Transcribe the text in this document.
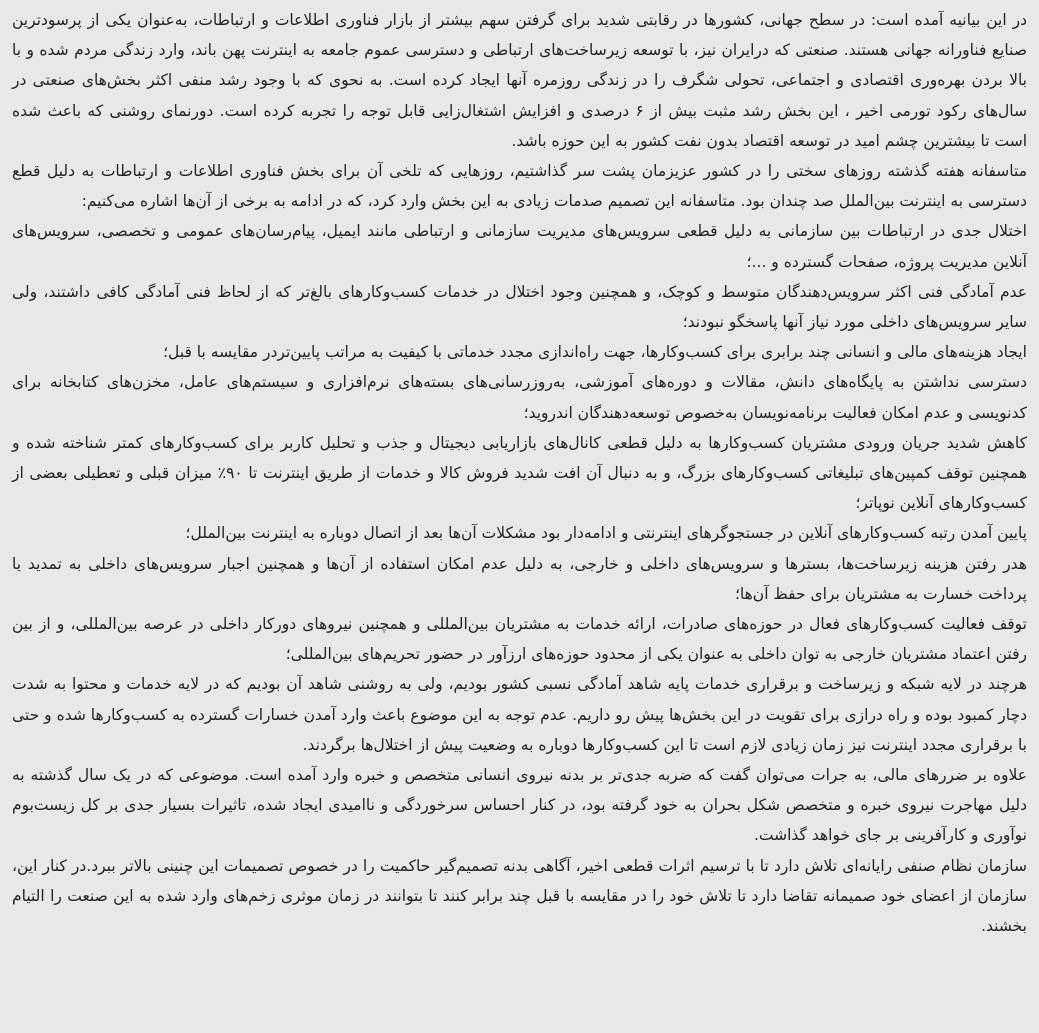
در این بیانیه آمده است: در سطح جهانی، کشورها در رقابتی شدید برای گرفتن سهم بیشتر از بازار فناوری اطلاعات و ارتباطات، به‌عنوان یکی از پرسودترین صنایع فناورانه جهانی هستند. صنعتی که درایران نیز، با توسعه زیرساخت‌های ارتباطی و دسترسی عموم جامعه به اینترنت پهن باند، وارد زندگی مردم شده و با بالا بردن بهره‌وری اقتصادی و اجتماعی، تحولی شگرف را در زندگی روزمره آنها ایجاد کرده است. به نحوی که با وجود رشد منفی اکثر بخش‌های صنعتی در سال‌های رکود تورمی اخیر ، این بخش رشد مثبت بیش از ۶ درصدی و افزایش اشتغال‌زایی قابل توجه را تجربه کرده است. دورنمای روشنی که باعث شده است تا بیشترین چشم امید در توسعه اقتصاد بدون نفت کشور به این حوزه باشد.

متاسفانه هفته گذشته روزهای سختی را در کشور عزیزمان پشت سر گذاشتیم، روزهایی که تلخی آن برای بخش فناوری اطلاعات و ارتباطات به دلیل قطع دسترسی به اینترنت بین‌الملل صد چندان بود. متاسفانه این تصمیم صدمات زیادی به این بخش وارد کرد، که در ادامه به برخی از آن‌ها اشاره می‌کنیم:

اختلال جدی در ارتباطات بین سازمانی به دلیل قطعی سرویس‌های مدیریت سازمانی و ارتباطی مانند ایمیل، پیام‌رسان‌های عمومی و تخصصی، سرویس‌های آنلاین مدیریت پروژه، صفحات گسترده و ...؛

عدم آمادگی فنی اکثر سرویس‌دهندگان متوسط و کوچک، و همچنین وجود اختلال در خدمات کسب‌وکارهای بالغ‌تر که از لحاظ فنی آمادگی کافی داشتند، ولی سایر سرویس‌های داخلی مورد نیاز آنها پاسخگو نبودند؛

ایجاد هزینه‌های مالی و انسانی چند برابری برای کسب‌وکارها، جهت راه‌اندازی مجدد خدماتی با کیفیت به مراتب پایین‌تردر مقایسه با قبل؛

دسترسی نداشتن به پایگاه‌های دانش، مقالات و دوره‌های آموزشی، به‌روزرسانی‌های بسته‌های نرم‌افزاری و سیستم‌های عامل، مخزن‌های کتابخانه برای کدنویسی و عدم امکان فعالیت برنامه‌نویسان به‌خصوص توسعه‌دهندگان اندروید؛

کاهش شدید جریان ورودی مشتریان کسب‌وکارها به دلیل قطعی کانال‌های بازاریابی دیجیتال و جذب و تحلیل کاربر برای کسب‌وکارهای کمتر شناخته شده و همچنین توقف کمپین‌های تبلیغاتی کسب‌وکارهای بزرگ، و به دنبال آن افت شدید فروش کالا و خدمات از طریق اینترنت تا ۹۰٪ میزان قبلی و تعطیلی بعضی از کسب‌وکارهای آنلاین نوپاتر؛

پایین آمدن رتبه کسب‌وکارهای آنلاین در جستجوگرهای اینترنتی و ادامه‌دار بود مشکلات آن‌ها بعد از اتصال دوباره به اینترنت بین‌الملل؛

هدر رفتن هزینه زیرساخت‌ها، بسترها و سرویس‌های داخلی و خارجی، به دلیل عدم امکان استفاده از آن‌ها و همچنین اجبار سرویس‌های داخلی به تمدید یا پرداخت خسارت به مشتریان برای حفظ آن‌ها؛

توقف فعالیت کسب‌وکارهای فعال در حوزه‌های صادرات، ارائه خدمات به مشتریان بین‌المللی و همچنین نیروهای دورکار داخلی در عرصه بین‌المللی، و از بین رفتن اعتماد مشتریان خارجی به توان داخلی به عنوان یکی از محدود حوزه‌های ارزآور در حضور تحریم‌های بین‌المللی؛

هرچند در لایه شبکه و زیرساخت و برقراری خدمات پایه شاهد آمادگی نسبی کشور بودیم، ولی به روشنی شاهد آن بودیم که در لایه خدمات و محتوا به شدت دچار کمبود بوده و راه درازی برای تقویت در این بخش‌ها پیش رو داریم. عدم توجه به این موضوع باعث وارد آمدن خسارات گسترده به کسب‌وکارها شده و حتی با برقراری مجدد اینترنت نیز زمان زیادی لازم است تا این کسب‌وکارها دوباره به وضعیت پیش از اختلال‌ها برگردند.

علاوه بر ضررهای مالی، به جرات می‌توان گفت که ضربه جدی‌تر بر بدنه نیروی انسانی متخصص و خبره وارد آمده است. موضوعی که در یک سال گذشته به دلیل مهاجرت نیروی خبره و متخصص شکل بحران به خود گرفته بود، در کنار احساس سرخوردگی و ناامیدی ایجاد شده، تاثیرات بسیار جدی بر کل زیست‌بوم نوآوری و کارآفرینی بر جای خواهد گذاشت.

سازمان نظام صنفی رایانه‌ای تلاش دارد تا با ترسیم اثرات قطعی اخیر، آگاهی بدنه تصمیم‌گیر حاکمیت را در خصوص تصمیمات این چنینی بالاتر ببرد.در کنار این، سازمان از اعضای خود صمیمانه تقاضا دارد تا تلاش خود را در مقایسه با قبل چند برابر کنند تا بتوانند در زمان موثری زخم‌های وارد شده به این صنعت را التیام بخشند.
